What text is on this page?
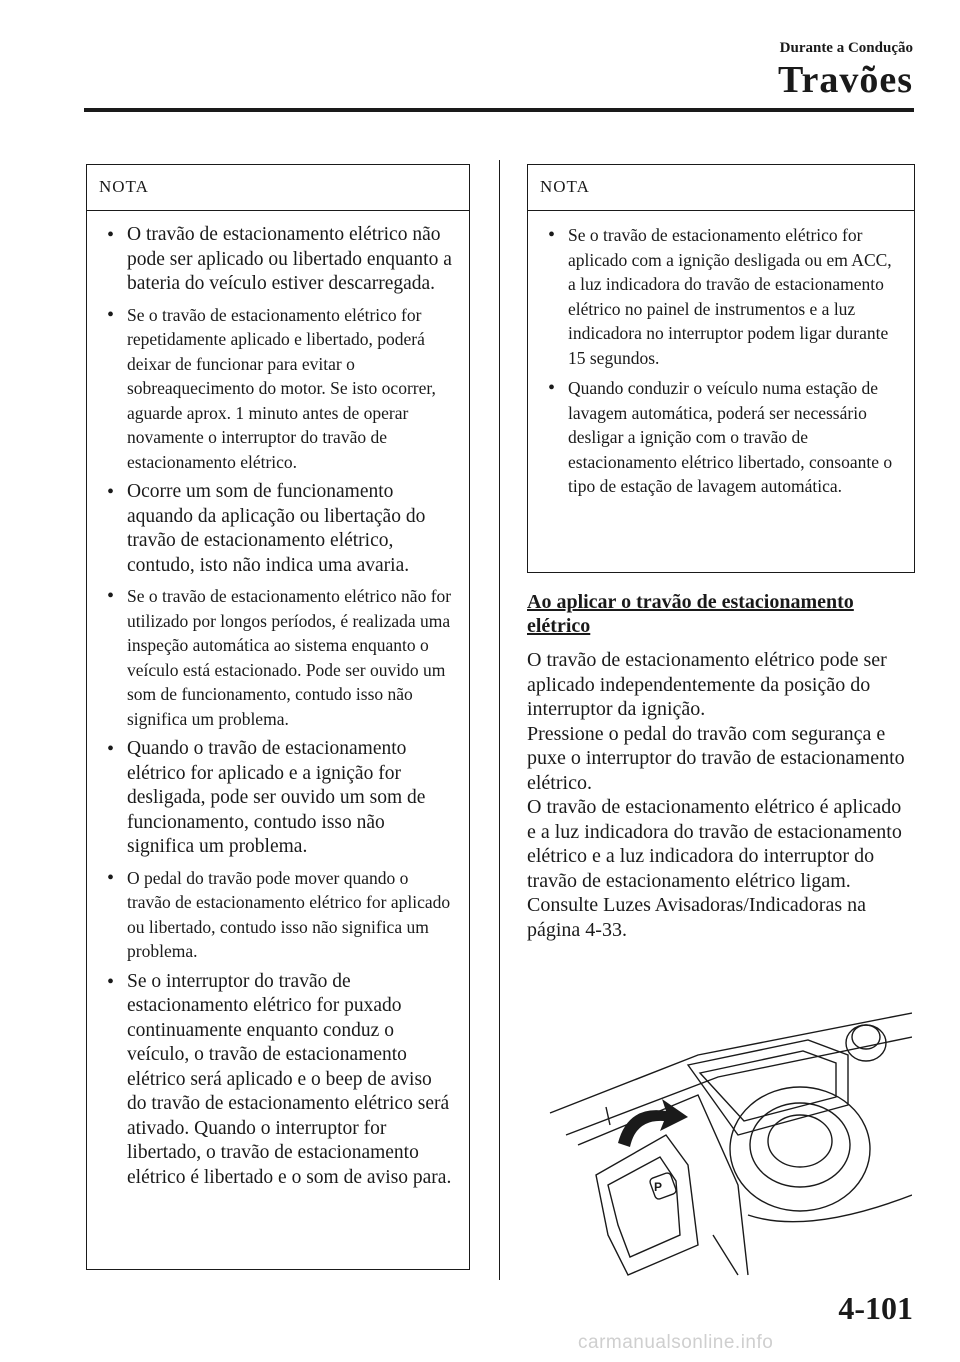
Durante a Condução
Travões
NOTA
• O travão de estacionamento elétrico não pode ser aplicado ou libertado enquanto a bateria do veículo estiver descarregada.
• Se o travão de estacionamento elétrico for repetidamente aplicado e libertado, poderá deixar de funcionar para evitar o sobreaquecimento do motor. Se isto ocorrer, aguarde aprox. 1 minuto antes de operar novamente o interruptor do travão de estacionamento elétrico.
• Ocorre um som de funcionamento aquando da aplicação ou libertação do travão de estacionamento elétrico, contudo, isto não indica uma avaria.
• Se o travão de estacionamento elétrico não for utilizado por longos períodos, é realizada uma inspeção automática ao sistema enquanto o veículo está estacionado. Pode ser ouvido um som de funcionamento, contudo isso não significa um problema.
• Quando o travão de estacionamento elétrico for aplicado e a ignição for desligada, pode ser ouvido um som de funcionamento, contudo isso não significa um problema.
• O pedal do travão pode mover quando o travão de estacionamento elétrico for aplicado ou libertado, contudo isso não significa um problema.
• Se o interruptor do travão de estacionamento elétrico for puxado continuamente enquanto conduz o veículo, o travão de estacionamento elétrico será aplicado e o beep de aviso do travão de estacionamento elétrico será ativado. Quando o interruptor for libertado, o travão de estacionamento elétrico é libertado e o som de aviso para.
NOTA
• Se o travão de estacionamento elétrico for aplicado com a ignição desligada ou em ACC, a luz indicadora do travão de estacionamento elétrico no painel de instrumentos e a luz indicadora no interruptor podem ligar durante 15 segundos.
• Quando conduzir o veículo numa estação de lavagem automática, poderá ser necessário desligar a ignição com o travão de estacionamento elétrico libertado, consoante o tipo de estação de lavagem automática.
Ao aplicar o travão de estacionamento elétrico

O travão de estacionamento elétrico pode ser aplicado independentemente da posição do interruptor da ignição.

Pressione o pedal do travão com segurança e puxe o interruptor do travão de estacionamento elétrico.

O travão de estacionamento elétrico é aplicado e a luz indicadora do travão de estacionamento elétrico e a luz indicadora do interruptor do travão de estacionamento elétrico ligam.

Consulte Luzes Avisadoras/Indicadoras na página 4-33.

P
4-101
carmanualsonline.info
